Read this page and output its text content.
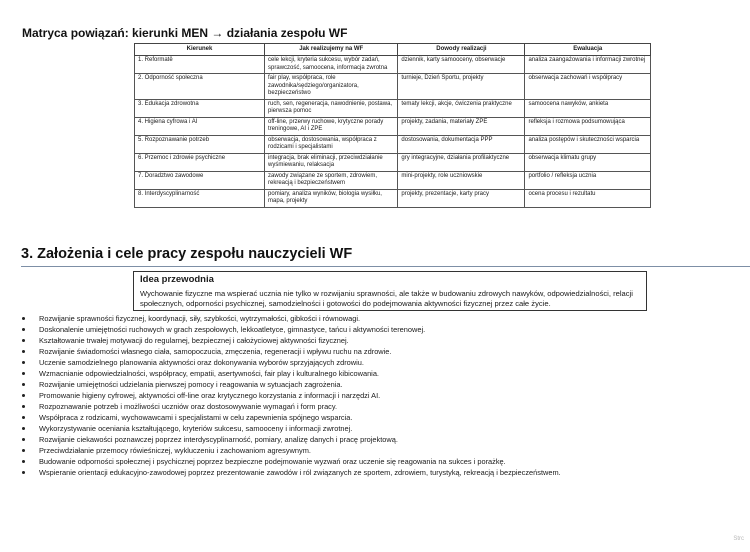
Matryca powiązań: kierunki MEN → działania zespołu WF
Kierunek	Jak realizujemy na WF	Dowody realizacji	Ewaluacja
1. Reformatě	cele lekcji, kryteria sukcesu, wybór zadań, sprawczość, samoocena, informacja zwrotna	dziennik, karty samooceny, obserwacje	analiza zaangażowania i informacji zwrotnej
2. Odporność społeczna	fair play, współpraca, role zawodnika/sędziego/organizatora, bezpieczeństwo	turnieje, Dzień Sportu, projekty	obserwacja zachowań i współpracy
3. Edukacja zdrowotna	ruch, sen, regeneracja, nawodnienie, postawa, pierwsza pomoc	tematy lekcji, akcje, ćwiczenia praktyczne	samoocena nawyków, ankieta
4. Higiena cyfrowa i AI	off-line, przerwy ruchowe, krytyczne porady treningowe, AI i ZPE	projekty, zadania, materiały ZPE	refleksja i rozmowa podsumowująca
5. Rozpoznawanie potrzeb	obserwacja, dostosowania, współpraca z rodzicami i specjalistami	dostosowania, dokumentacja PPP	analiza postępów i skuteczności wsparcia
6. Przemoc i zdrowie psychiczne	integracja, brak eliminacji, przeciwdziałanie wyśmiewaniu, relaksacja	gry integracyjne, działania profilaktyczne	obserwacja klimatu grupy
7. Doradztwo zawodowe	zawody związane ze sportem, zdrowiem, rekreacją i bezpieczeństwem	mini-projekty, role uczniowskie	portfolio / refleksja ucznia
8. Interdyscyplinarność	pomiary, analiza wyników, biologia wysiłku, mapa, projekty	projekty, prezentacje, karty pracy	ocena procesu i rezultatu
3. Założenia i cele pracy zespołu nauczycieli WF
Idea przewodnia
Wychowanie fizyczne ma wspierać ucznia nie tylko w rozwijaniu sprawności, ale także w budowaniu zdrowych nawyków, odpowiedzialności, relacji społecznych, odporności psychicznej, samodzielności i gotowości do podejmowania aktywności fizycznej przez całe życie.
Rozwijanie sprawności fizycznej, koordynacji, siły, szybkości, wytrzymałości, gibkości i równowagi.
Doskonalenie umiejętności ruchowych w grach zespołowych, lekkoatletyce, gimnastyce, tańcu i aktywności terenowej.
Kształtowanie trwałej motywacji do regularnej, bezpiecznej i całożyciowej aktywności fizycznej.
Rozwijanie świadomości własnego ciała, samopoczucia, zmęczenia, regeneracji i wpływu ruchu na zdrowie.
Uczenie samodzielnego planowania aktywności oraz dokonywania wyborów sprzyjających zdrowiu.
Wzmacnianie odpowiedzialności, współpracy, empatii, asertywności, fair play i kulturalnego kibicowania.
Rozwijanie umiejętności udzielania pierwszej pomocy i reagowania w sytuacjach zagrożenia.
Promowanie higieny cyfrowej, aktywności off-line oraz krytycznego korzystania z informacji i narzędzi AI.
Rozpoznawanie potrzeb i możliwości uczniów oraz dostosowywanie wymagań i form pracy.
Współpraca z rodzicami, wychowawcami i specjalistami w celu zapewnienia spójnego wsparcia.
Wykorzystywanie oceniania kształtującego, kryteriów sukcesu, samooceny i informacji zwrotnej.
Rozwijanie ciekawości poznawczej poprzez interdyscyplinarność, pomiary, analizę danych i pracę projektową.
Przeciwdziałanie przemocy rówieśniczej, wykluczeniu i zachowaniom agresywnym.
Budowanie odporności społecznej i psychicznej poprzez bezpieczne podejmowanie wyzwań oraz uczenie się reagowania na sukces i porażkę.
Wspieranie orientacji edukacyjno-zawodowej poprzez prezentowanie zawodów i ról związanych ze sportem, zdrowiem, turystyką, rekreacją i bezpieczeństwem.
Strc
